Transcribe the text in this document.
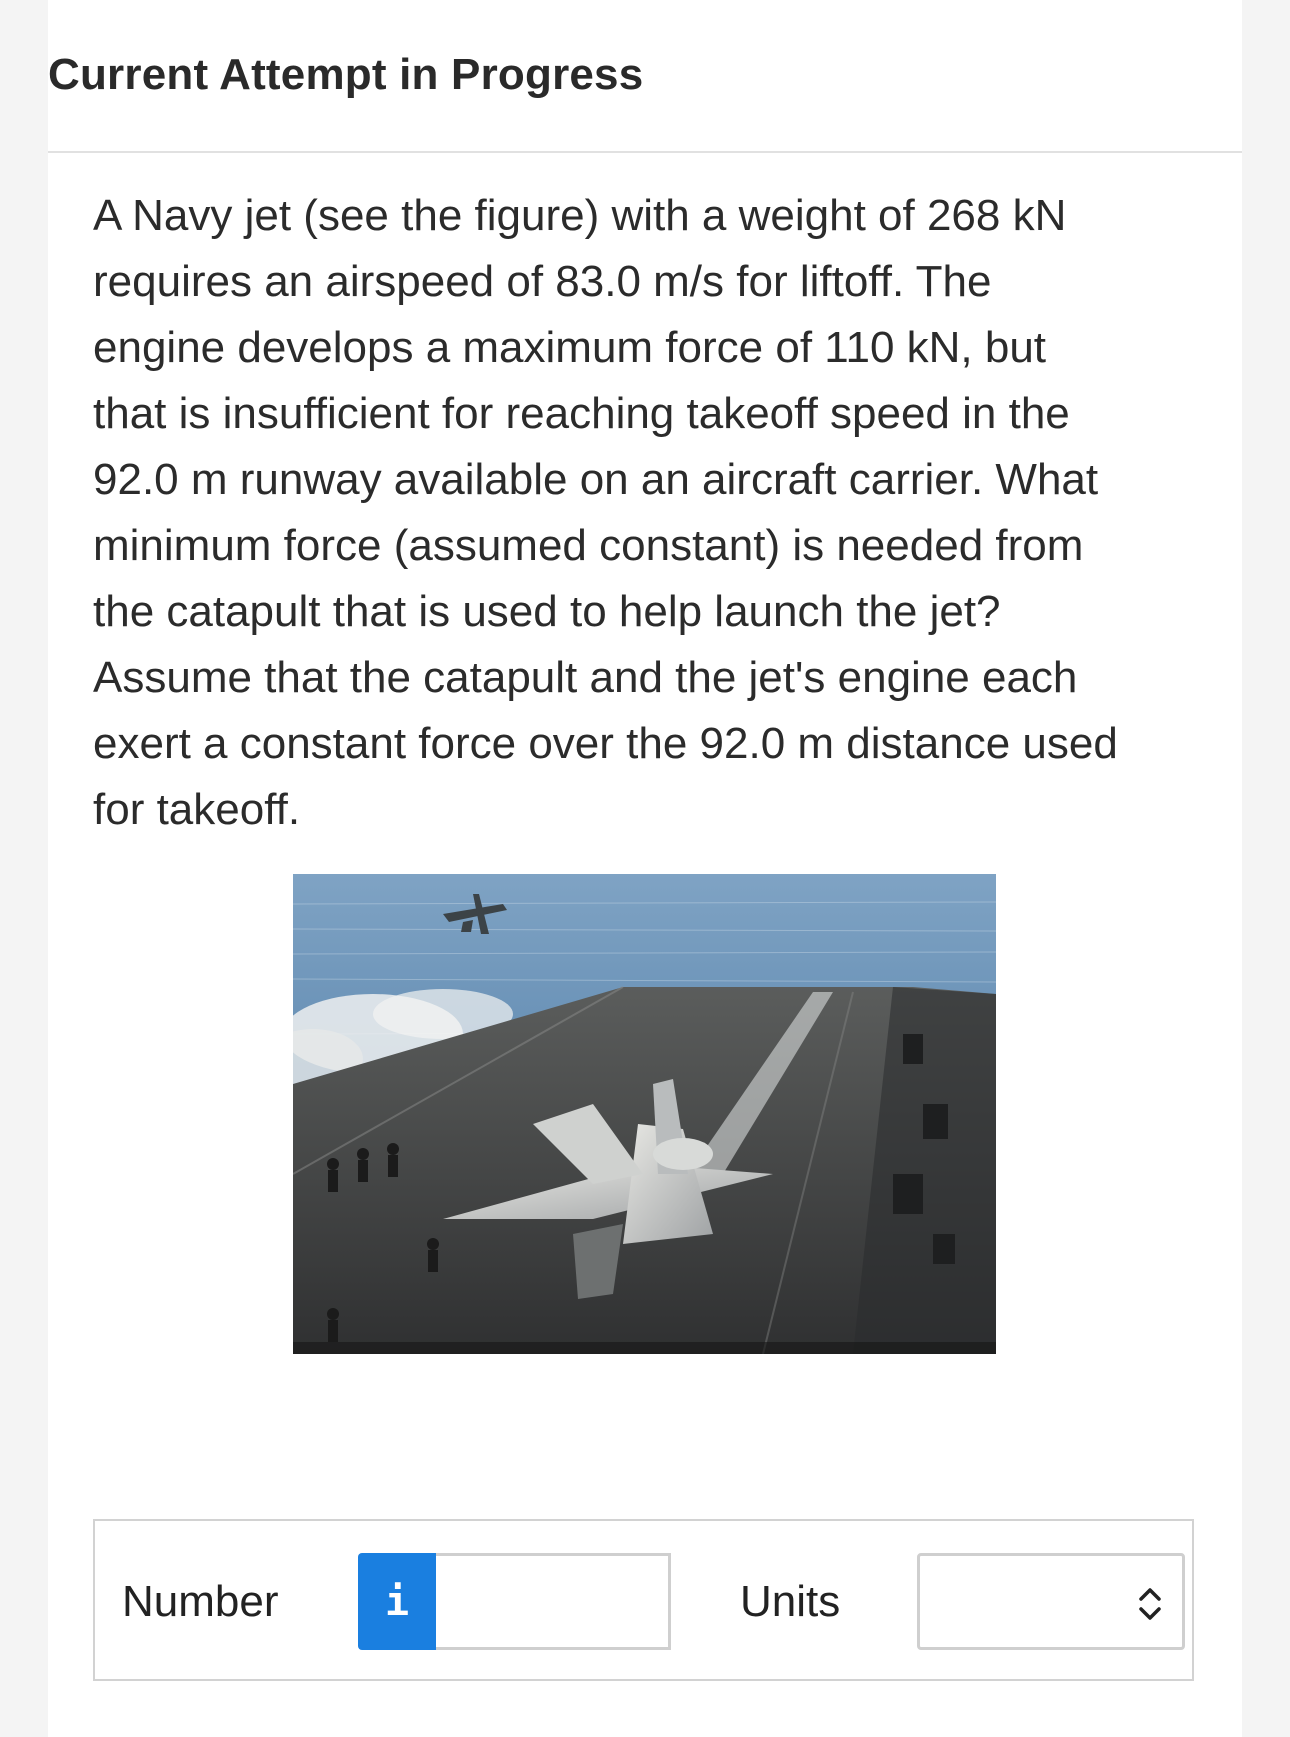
Current Attempt in Progress
A Navy jet (see the figure) with a weight of 268 kN
requires an airspeed of 83.0 m/s for liftoff. The
engine develops a maximum force of 110 kN, but
that is insufficient for reaching takeoff speed in the
92.0 m runway available on an aircraft carrier. What
minimum force (assumed constant) is needed from
the catapult that is used to help launch the jet?
Assume that the catapult and the jet's engine each
exert a constant force over the 92.0 m distance used
for takeoff.
Number	i	Units
